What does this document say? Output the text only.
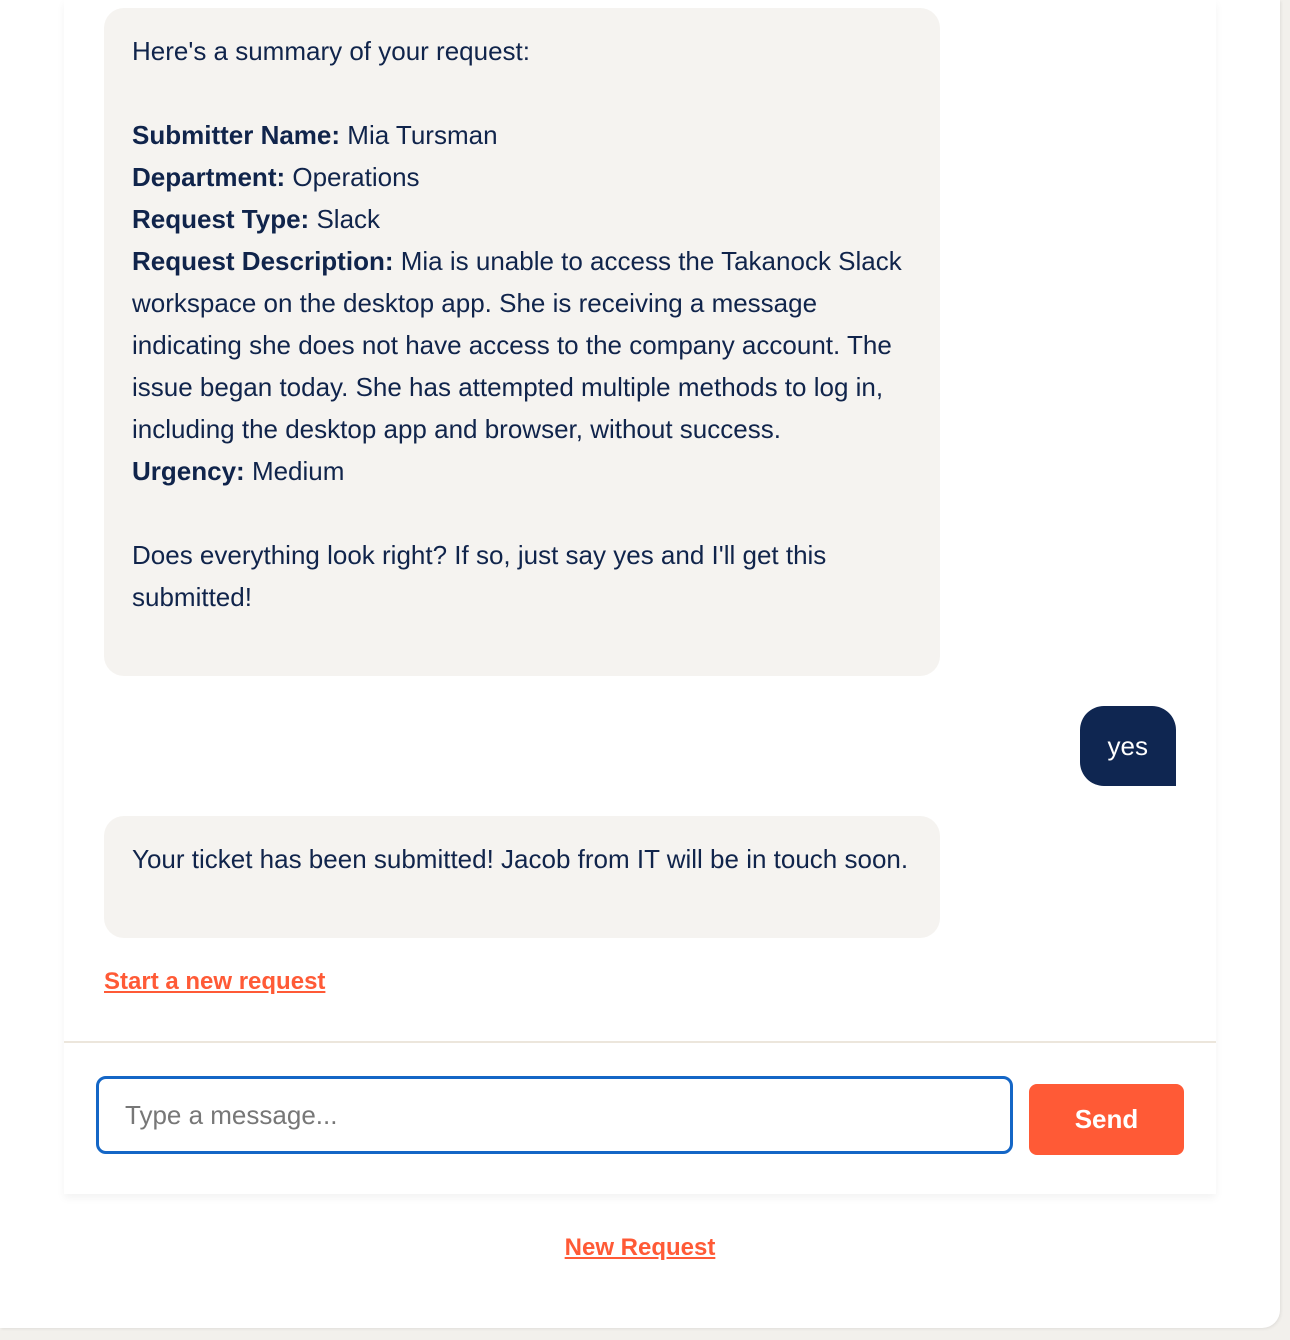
Here's a summary of your request:
Submitter Name: Mia Tursman
Department: Operations
Request Type: Slack
Request Description: Mia is unable to access the Takanock Slack workspace on the desktop app. She is receiving a message indicating she does not have access to the company account. The issue began today. She has attempted multiple methods to log in, including the desktop app and browser, without success.
Urgency: Medium
Does everything look right? If so, just say yes and I'll get this submitted!
yes
Your ticket has been submitted! Jacob from IT will be in touch soon.
Start a new request
Type a message...
Send
New Request
